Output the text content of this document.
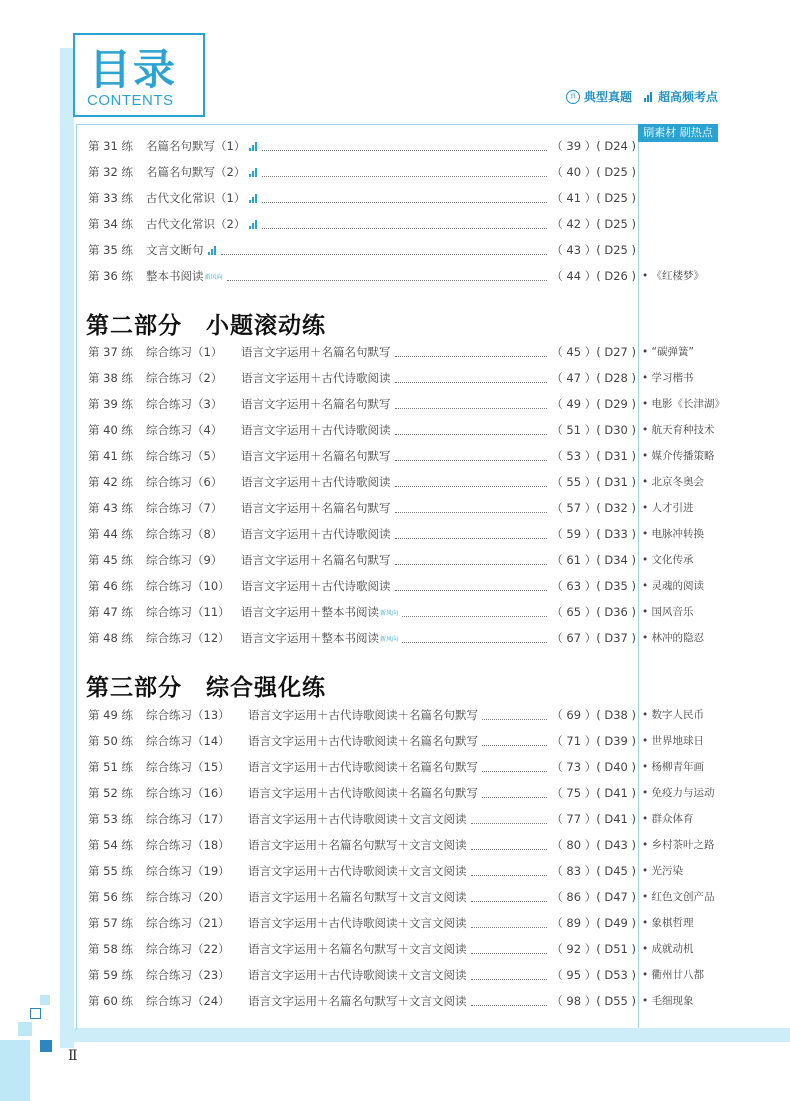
目录
CONTENTS	真 典型真题 超高频考点
刷素材 刷热点
第 31 练	名篇名句默写（1）	（ 39 ）( D24 )
第 32 练	名篇名句默写（2）	（ 40 ）( D25 )
第 33 练	古代文化常识（1）	（ 41 ）( D25 )
第 34 练	古代文化常识（2）	（ 42 ）( D25 )
第 35 练	文言文断句	（ 43 ）( D25 )
第 36 练	整本书阅读 新风向	（ 44 ）( D26 ) • 《红楼梦》
第二部分　小题滚动练
第 37 练	综合练习（1）	语言文字运用＋名篇名句默写	（ 45 ）( D27 ) • “碳弹簧”
第 38 练	综合练习（2）	语言文字运用＋古代诗歌阅读	（ 47 ）( D28 ) • 学习楷书
第 39 练	综合练习（3）	语言文字运用＋名篇名句默写	（ 49 ）( D29 ) • 电影《长津湖》
第 40 练	综合练习（4）	语言文字运用＋古代诗歌阅读	（ 51 ）( D30 ) • 航天育种技术
第 41 练	综合练习（5）	语言文字运用＋名篇名句默写	（ 53 ）( D31 ) • 媒介传播策略
第 42 练	综合练习（6）	语言文字运用＋古代诗歌阅读	（ 55 ）( D31 ) • 北京冬奥会
第 43 练	综合练习（7）	语言文字运用＋名篇名句默写	（ 57 ）( D32 ) • 人才引进
第 44 练	综合练习（8）	语言文字运用＋古代诗歌阅读	（ 59 ）( D33 ) • 电脉冲转换
第 45 练	综合练习（9）	语言文字运用＋名篇名句默写	（ 61 ）( D34 ) • 文化传承
第 46 练	综合练习（10） 语言文字运用＋古代诗歌阅读	（ 63 ）( D35 ) • 灵魂的阅读
第 47 练	综合练习（11） 语言文字运用＋整本书阅读 新风向	（ 65 ）( D36 ) • 国风音乐
第 48 练	综合练习（12） 语言文字运用＋整本书阅读 新风向	（ 67 ）( D37 ) • 林冲的隐忍
第三部分　综合强化练
第 49 练	综合练习（13）	语言文字运用＋古代诗歌阅读＋名篇名句默写	（ 69 ）( D38 ) • 数字人民币
第 50 练	综合练习（14）	语言文字运用＋古代诗歌阅读＋名篇名句默写	（ 71 ）( D39 ) • 世界地球日
第 51 练	综合练习（15）	语言文字运用＋古代诗歌阅读＋名篇名句默写	（ 73 ）( D40 ) • 杨柳青年画
第 52 练	综合练习（16）	语言文字运用＋古代诗歌阅读＋名篇名句默写	（ 75 ）( D41 ) • 免疫力与运动
第 53 练	综合练习（17）	语言文字运用＋古代诗歌阅读＋文言文阅读	（ 77 ）( D41 ) • 群众体育
第 54 练	综合练习（18）	语言文字运用＋名篇名句默写＋文言文阅读	（ 80 ）( D43 ) • 乡村茶叶之路
第 55 练	综合练习（19）	语言文字运用＋古代诗歌阅读＋文言文阅读	（ 83 ）( D45 ) • 光污染
第 56 练	综合练习（20）	语言文字运用＋名篇名句默写＋文言文阅读	（ 86 ）( D47 ) • 红色文创产品
第 57 练	综合练习（21）	语言文字运用＋古代诗歌阅读＋文言文阅读	（ 89 ）( D49 ) • 象棋哲理
第 58 练	综合练习（22）	语言文字运用＋名篇名句默写＋文言文阅读	（ 92 ）( D51 ) • 成就动机
第 59 练	综合练习（23）	语言文字运用＋古代诗歌阅读＋文言文阅读	（ 95 ）( D53 ) • 衢州廿八都
第 60 练	综合练习（24）	语言文字运用＋名篇名句默写＋文言文阅读	（ 98 ）( D55 ) • 毛细现象
Ⅱ
